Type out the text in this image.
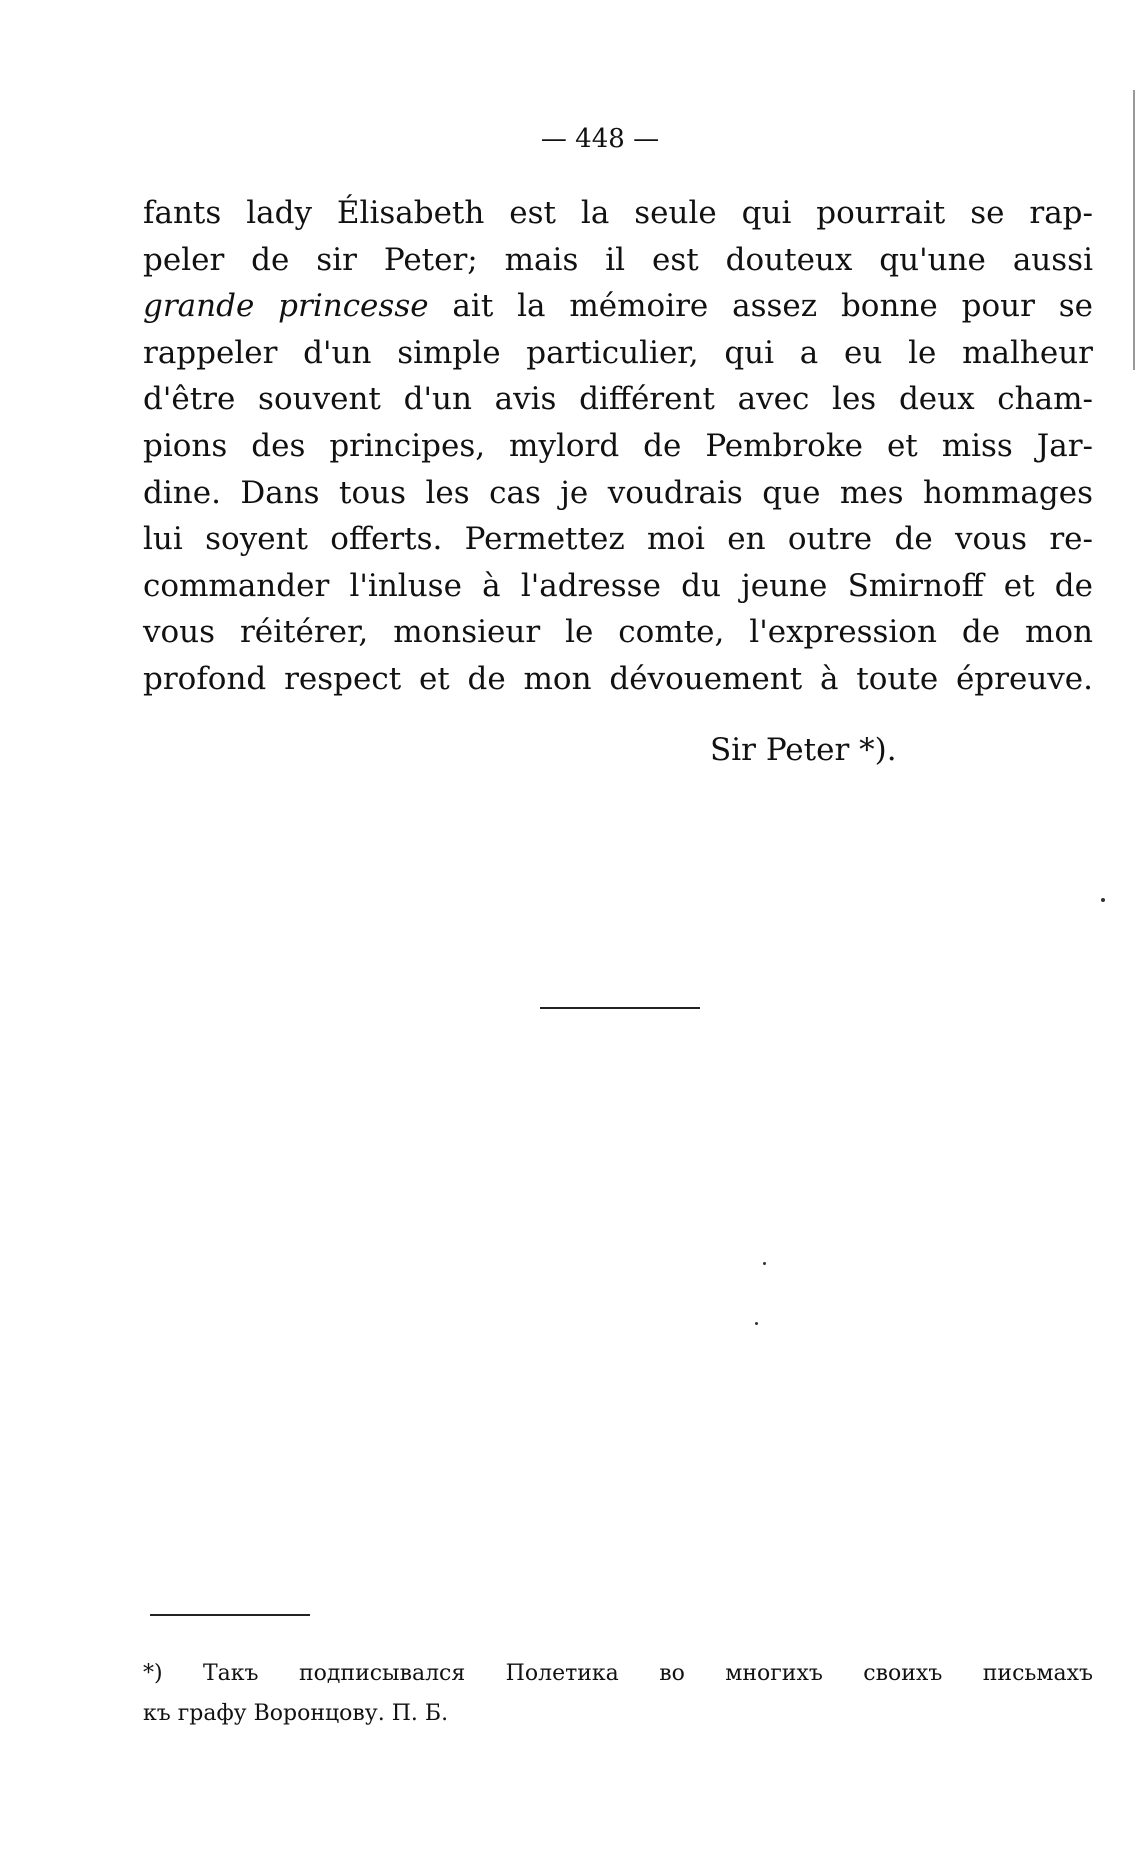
— 448 —
fants lady Élisabeth est la seule qui pourrait se rap-
peler de sir Peter; mais il est douteux qu'une aussi
grande princesse ait la mémoire assez bonne pour se
rappeler d'un simple particulier, qui a eu le malheur
d'être souvent d'un avis différent avec les deux cham-
pions des principes, mylord de Pembroke et miss Jar-
dine. Dans tous les cas je voudrais que mes hommages
lui soyent offerts. Permettez moi en outre de vous re-
commander l'inluse à l'adresse du jeune Smirnoff et de
vous réitérer, monsieur le comte, l'expression de mon
profond respect et de mon dévouement à toute épreuve.
Sir Peter *).
*) Такъ подписывался Полетика во многихъ своихъ письмахъ
къ графу Воронцову. П. Б.
